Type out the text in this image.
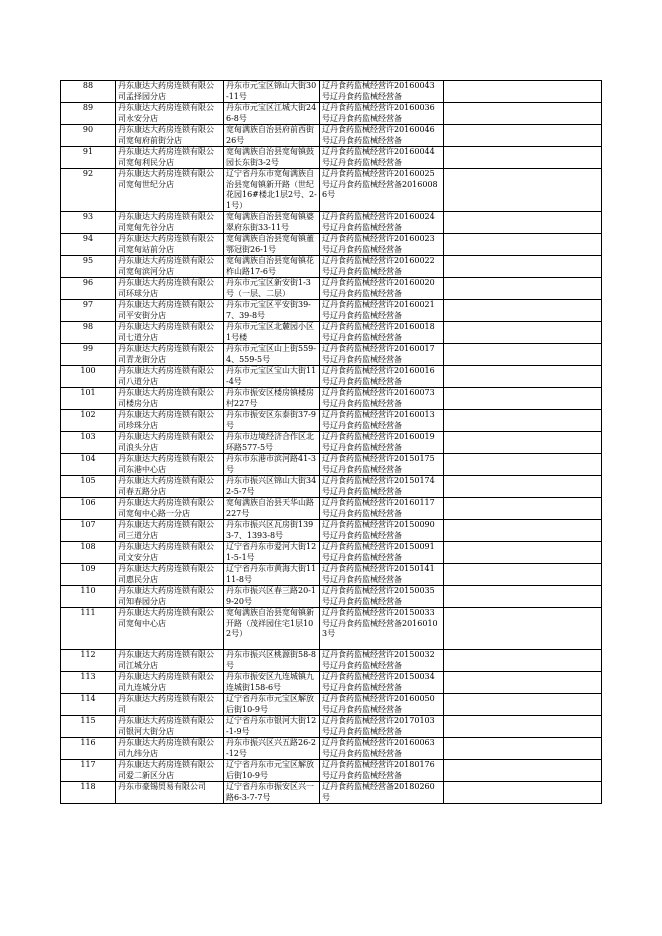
88	丹东康达大药房连锁有限公司孟择园分店	丹东市元宝区锦山大街30-11号	辽丹食药监械经营许20160043号辽丹食药监械经营备	
89	丹东康达大药房连锁有限公司永安分店	丹东市元宝区江城大街246-8号	辽丹食药监械经营许20160036号辽丹食药监械经营备	
90	丹东康达大药房连锁有限公司宽甸府前街分店	宽甸满族自治县府前西街26号	辽丹食药监械经营许20160046号辽丹食药监械经营备	
91	丹东康达大药房连锁有限公司宽甸利民分店	宽甸满族自治县宽甸镇鼓园长东街3-2号	辽丹食药监械经营许20160044号辽丹食药监械经营备	
92	丹东康达大药房连锁有限公司宽甸世纪分店	辽宁省丹东市宽甸满族自治县宽甸镇新开路（世纪花园16#楼北1层2号、2-1号）	辽丹食药监械经营许20160025号辽丹食药监械经营备20160086号	
93	丹东康达大药房连锁有限公司宽甸先谷分店	宽甸满族自治县宽甸镇婆翠府东街33-11号	辽丹食药监械经营许20160024号辽丹食药监械经营备	
94	丹东康达大药房连锁有限公司宽甸站前分店	宽甸满族自治县宽甸镇董鄂冠街26-1号	辽丹食药监械经营许20160023号辽丹食药监械经营备	
95	丹东康达大药房连锁有限公司宽甸滨河分店	宽甸满族自治县宽甸镇花柞山路17-6号	辽丹食药监械经营许20160022号辽丹食药监械经营备	
96	丹东康达大药房连锁有限公司环球分店	丹东市元宝区新安街1-3号（一层、二层）	辽丹食药监械经营许20160020号辽丹食药监械经营备	
97	丹东康达大药房连锁有限公司平安街分店	丹东市元宝区平安街39-7、39-8号	辽丹食药监械经营许20160021号辽丹食药监械经营备	
98	丹东康达大药房连锁有限公司七道分店	丹东市元宝区北麓园小区1号楼	辽丹食药监械经营许20160018号辽丹食药监械经营备	
99	丹东康达大药房连锁有限公司青龙街分店	丹东市元宝区山上街559-4、559-5号	辽丹食药监械经营许20160017号辽丹食药监械经营备	
100	丹东康达大药房连锁有限公司八道分店	丹东市元宝区宝山大街11-4号	辽丹食药监械经营许20160016号辽丹食药监械经营备	
101	丹东康达大药房连锁有限公司楼房分店	丹东市振安区楼房镇楼房村227号	辽丹食药监械经营许20160073号辽丹食药监械经营备	
102	丹东康达大药房连锁有限公司珍珠分店	丹东市振安区东泰街37-9号	辽丹食药监械经营许20160013号辽丹食药监械经营备	
103	丹东康达大药房连锁有限公司浪头分店	丹东市边境经济合作区北环路577-5号	辽丹食药监械经营许20160019号辽丹食药监械经营备	
104	丹东康达大药房连锁有限公司东港中心店	丹东市东港市滨河路41-3号	辽丹食药监械经营许20150175号辽丹食药监械经营备	
105	丹东康达大药房连锁有限公司春五路分店	丹东市振兴区锦山大街342-5-7号	辽丹食药监械经营许20150174号辽丹食药监械经营备	
106	丹东康达大药房连锁有限公司宽甸中心路一分店	宽甸满族自治县天华山路227号	辽丹食药监械经营许20160117号辽丹食药监械经营备	
107	丹东康达大药房连锁有限公司三道分店	丹东市振兴区瓦房街1393-7、1393-8号	辽丹食药监械经营许20150090号辽丹食药监械经营备	
108	丹东康达大药房连锁有限公司文安分店	辽宁省丹东市爱河大街121-5-1号	辽丹食药监械经营许20150091号辽丹食药监械经营备	
109	丹东康达大药房连锁有限公司惠民分店	辽宁省丹东市黄海大街1111-8号	辽丹食药监械经营许20150141号辽丹食药监械经营备	
110	丹东康达大药房连锁有限公司知春园分店	丹东市振兴区春三路20-19-20号	辽丹食药监械经营许20150035号辽丹食药监械经营备	
111	丹东康达大药房连锁有限公司宽甸中心店	宽甸满族自治县宽甸镇新开路（茂祥园住宅1层102号）	辽丹食药监械经营许20150033号辽丹食药监械经营备20160103号	
112	丹东康达大药房连锁有限公司江城分店	丹东市振兴区桃源街58-8号	辽丹食药监械经营许20150032号辽丹食药监械经营备	
113	丹东康达大药房连锁有限公司九连城分店	丹东市振安区九连城镇九连城街158-6号	辽丹食药监械经营许20150034号辽丹食药监械经营备	
114	丹东康达大药房连锁有限公司	辽宁省丹东市元宝区解放后街10-9号	辽丹食药监械经营许20160050号辽丹食药监械经营备	
115	丹东康达大药房连锁有限公司银河大街分店	辽宁省丹东市银河大街12-1-9号	辽丹食药监械经营许20170103号辽丹食药监械经营备	
116	丹东康达大药房连锁有限公司九纬分店	丹东市振兴区兴五路26-2-12号	辽丹食药监械经营许20160063号辽丹食药监械经营备	
117	丹东康达大药房连锁有限公司爱二新区分店	辽宁省丹东市元宝区解放后街10-9号	辽丹食药监械经营许20180176号辽丹食药监械经营备	
118	丹东市豪锡贸易有限公司	辽宁省丹东市振安区兴一路6-3-7-7号	辽丹食药监械经营备20180260号	
